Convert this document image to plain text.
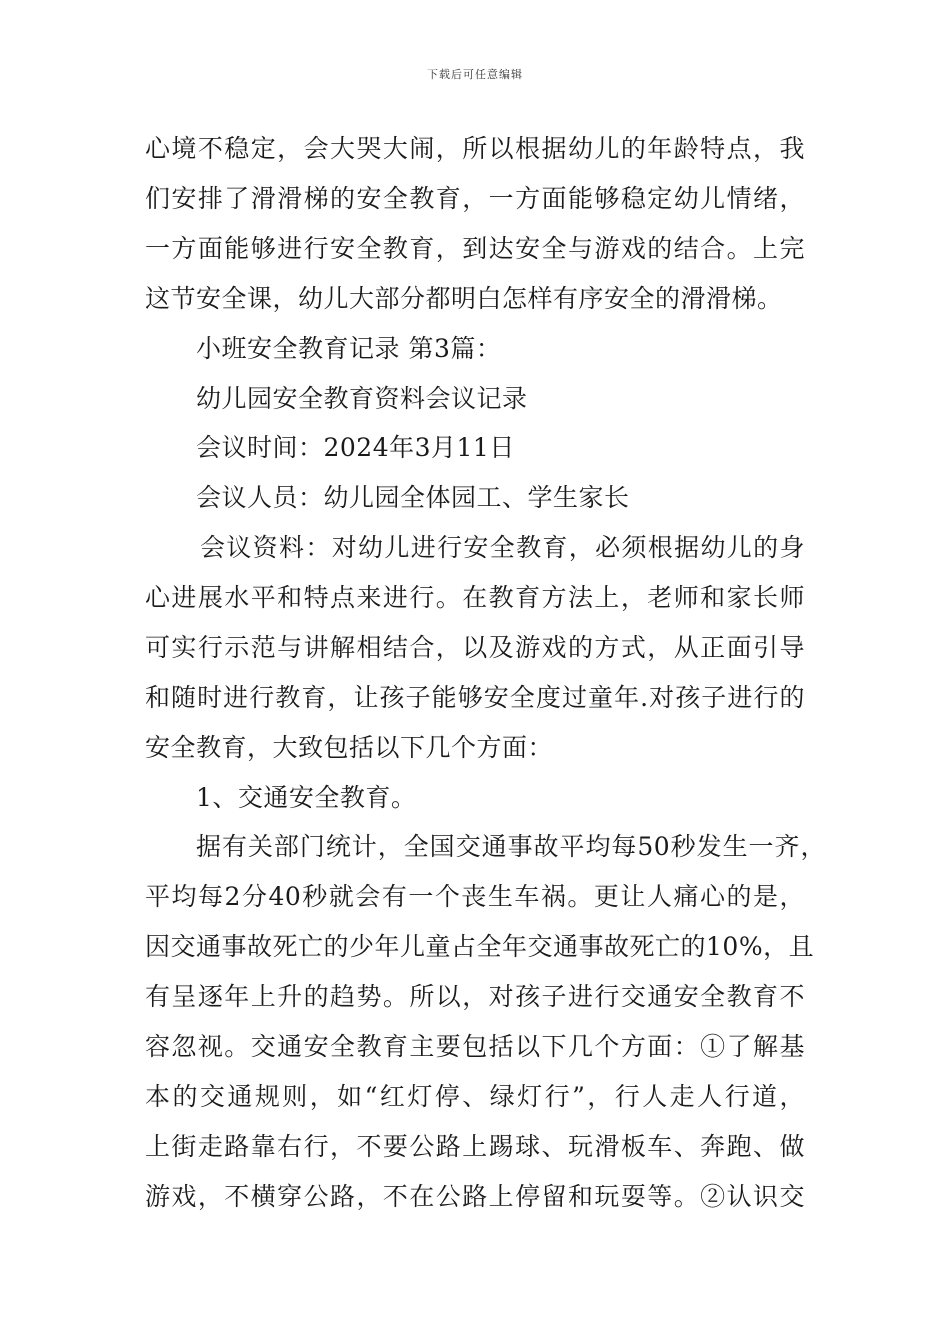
下载后可任意编辑
心境不稳定，会大哭大闹，所以根据幼儿的年龄特点，我
们安排了滑滑梯的安全教育，一方面能够稳定幼儿情绪，
一方面能够进行安全教育，到达安全与游戏的结合。上完
这节安全课，幼儿大部分都明白怎样有序安全的滑滑梯。
小班安全教育记录 第3篇：
幼儿园安全教育资料会议记录
会议时间：2024年3月11日
会议人员：幼儿园全体园工、学生家长
会议资料：对幼儿进行安全教育，必须根据幼儿的身
心进展水平和特点来进行。在教育方法上，老师和家长师
可实行示范与讲解相结合，以及游戏的方式，从正面引导
和随时进行教育，让孩子能够安全度过童年.对孩子进行的
安全教育，大致包括以下几个方面：
1、交通安全教育。
据有关部门统计，全国交通事故平均每50秒发生一齐，
平均每2分40秒就会有一个丧生车祸。更让人痛心的是，
因交通事故死亡的少年儿童占全年交通事故死亡的10%，且
有呈逐年上升的趋势。所以，对孩子进行交通安全教育不
容忽视。交通安全教育主要包括以下几个方面：①了解基
本的交通规则，如“红灯停、绿灯行”，行人走人行道，
上街走路靠右行，不要公路上踢球、玩滑板车、奔跑、做
游戏，不横穿公路，不在公路上停留和玩耍等。②认识交
